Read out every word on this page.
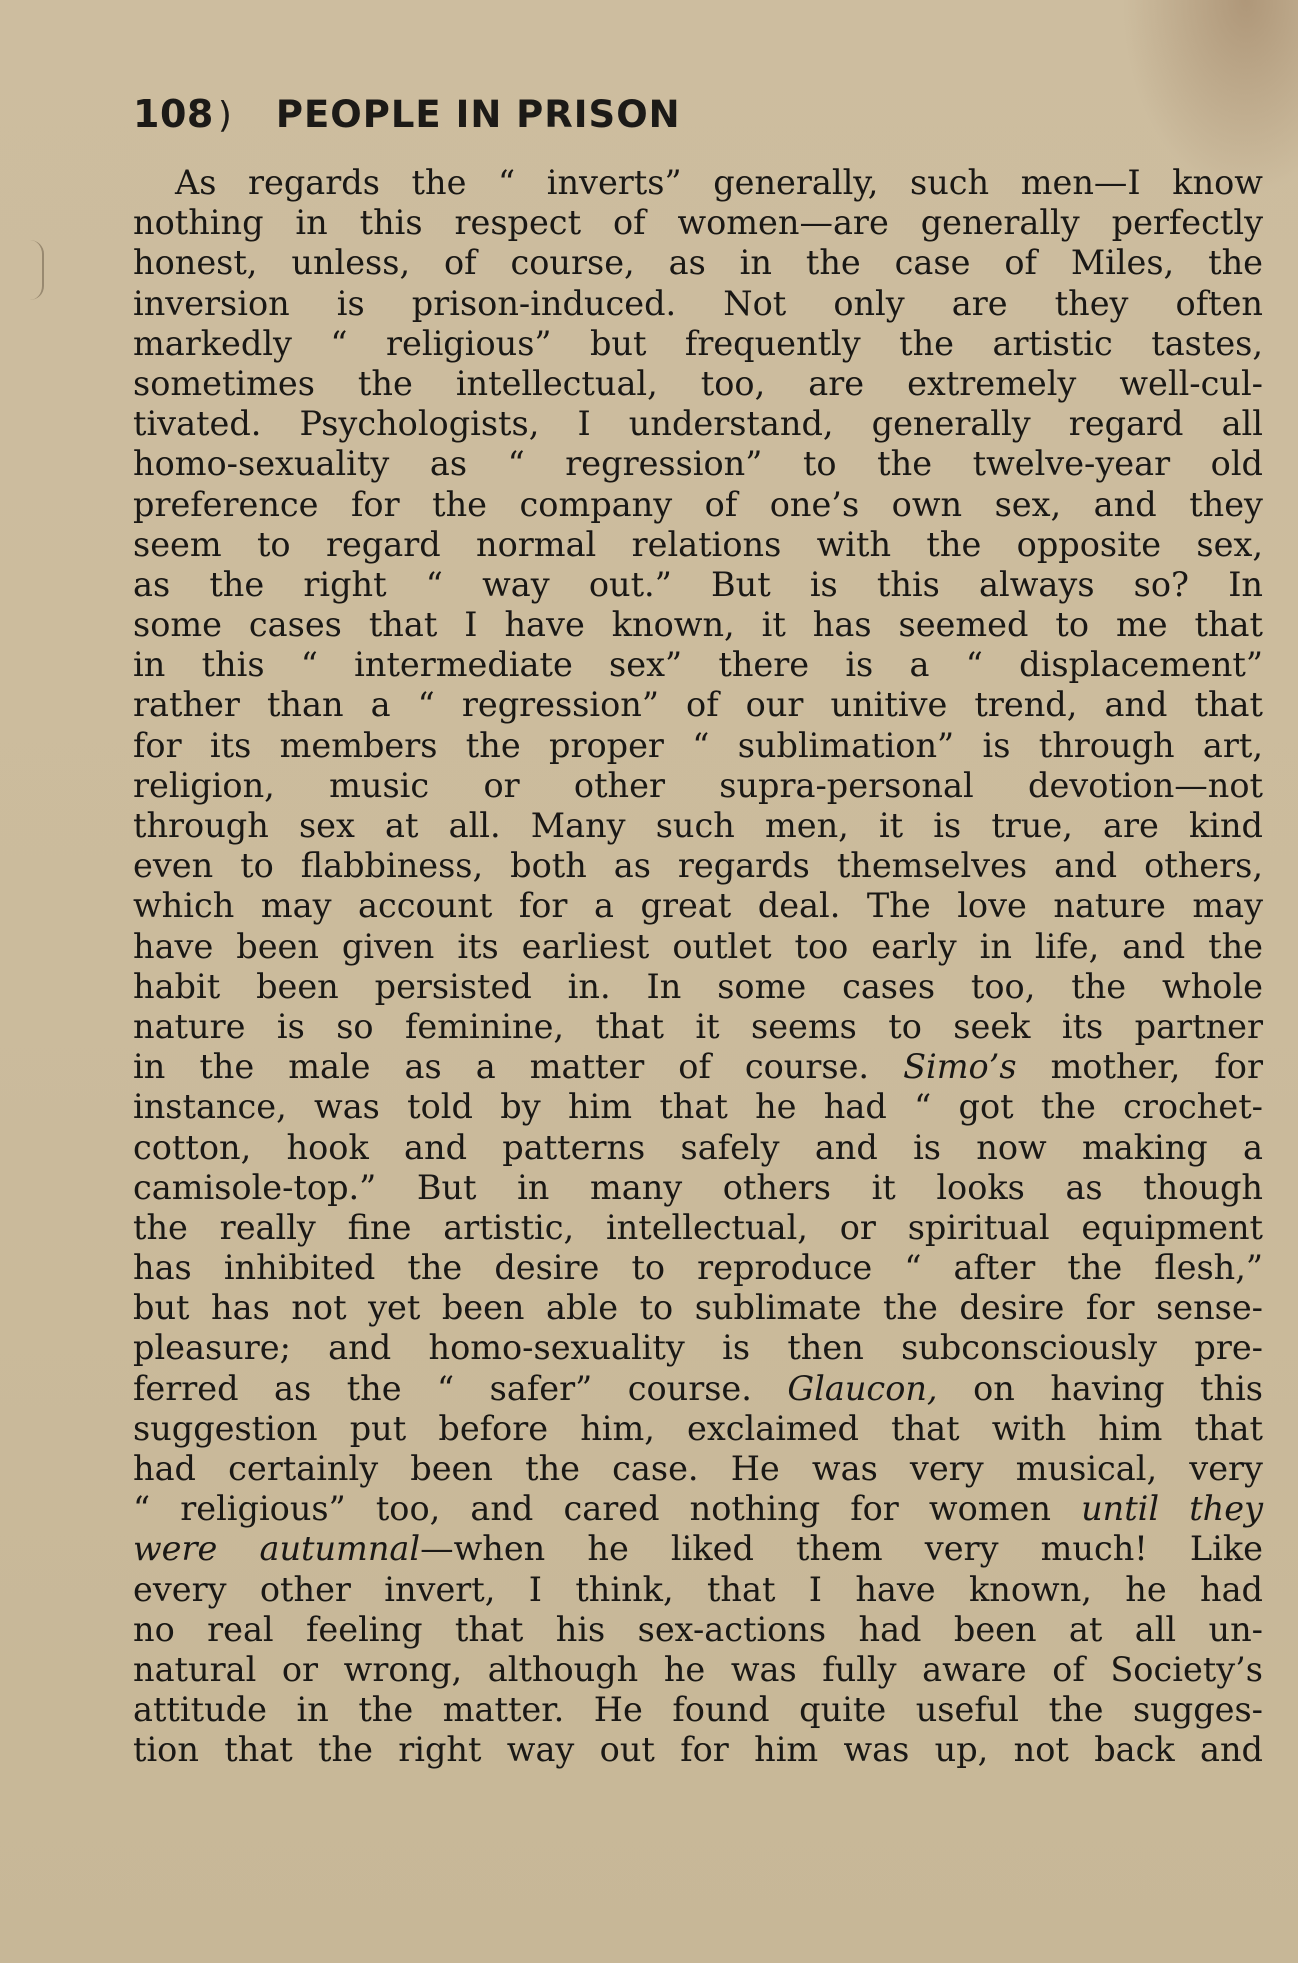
108 ) PEOPLE IN PRISON
As regards the “ inverts” generally, such men—I know
nothing in this respect of women—are generally perfectly
honest, unless, of course, as in the case of Miles, the
inversion is prison-induced. Not only are they often
markedly “ religious” but frequently the artistic tastes,
sometimes the intellectual, too, are extremely well-cul-
tivated. Psychologists, I understand, generally regard all
homo-sexuality as “ regression” to the twelve-year old
preference for the company of one’s own sex, and they
seem to regard normal relations with the opposite sex,
as the right “ way out.” But is this always so? In
some cases that I have known, it has seemed to me that
in this “ intermediate sex” there is a “ displacement”
rather than a “ regression” of our unitive trend, and that
for its members the proper “ sublimation” is through art,
religion, music or other supra-personal devotion—not
through sex at all. Many such men, it is true, are kind
even to flabbiness, both as regards themselves and others,
which may account for a great deal. The love nature may
have been given its earliest outlet too early in life, and the
habit been persisted in. In some cases too, the whole
nature is so feminine, that it seems to seek its partner
in the male as a matter of course. Simo’s mother, for
instance, was told by him that he had “ got the crochet-
cotton, hook and patterns safely and is now making a
camisole-top.” But in many others it looks as though
the really fine artistic, intellectual, or spiritual equipment
has inhibited the desire to reproduce “ after the flesh,”
but has not yet been able to sublimate the desire for sense-
pleasure; and homo-sexuality is then subconsciously pre-
ferred as the “ safer” course. Glaucon, on having this
suggestion put before him, exclaimed that with him that
had certainly been the case. He was very musical, very
“ religious” too, and cared nothing for women until they
were autumnal—when he liked them very much! Like
every other invert, I think, that I have known, he had
no real feeling that his sex-actions had been at all un-
natural or wrong, although he was fully aware of Society’s
attitude in the matter. He found quite useful the sugges-
tion that the right way out for him was up, not back and
